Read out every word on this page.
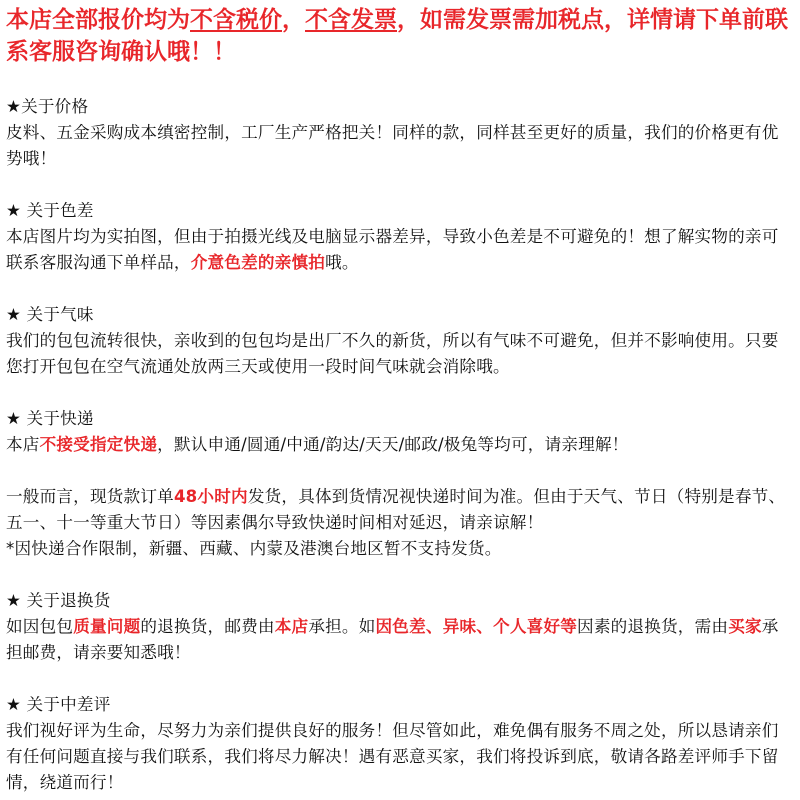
本店全部报价均为不含税价，不含发票，如需发票需加税点，详情请下单前联系客服咨询确认哦！！

★关于价格

皮料、五金采购成本缜密控制，工厂生产严格把关！同样的款，同样甚至更好的质量，我们的价格更有优势哦！

★ 关于色差

本店图片均为实拍图，但由于拍摄光线及电脑显示器差异，导致小色差是不可避免的！想了解实物的亲可联系客服沟通下单样品，介意色差的亲慎拍哦。

★ 关于气味

我们的包包流转很快，亲收到的包包均是出厂不久的新货，所以有气味不可避免，但并不影响使用。只要您打开包包在空气流通处放两三天或使用一段时间气味就会消除哦。

★ 关于快递

本店不接受指定快递，默认申通/圆通/中通/韵达/天天/邮政/极兔等均可，请亲理解！

一般而言，现货款订单48小时内发货，具体到货情况视快递时间为准。但由于天气、节日（特别是春节、五一、十一等重大节日）等因素偶尔导致快递时间相对延迟，请亲谅解！

*因快递合作限制，新疆、西藏、内蒙及港澳台地区暂不支持发货。

★ 关于退换货

如因包包质量问题的退换货，邮费由本店承担。如因色差、异味、个人喜好等因素的退换货，需由买家承担邮费，请亲要知悉哦！

★ 关于中差评

我们视好评为生命，尽努力为亲们提供良好的服务！但尽管如此，难免偶有服务不周之处，所以恳请亲们有任何问题直接与我们联系，我们将尽力解决！遇有恶意买家，我们将投诉到底，敬请各路差评师手下留情，绕道而行！
